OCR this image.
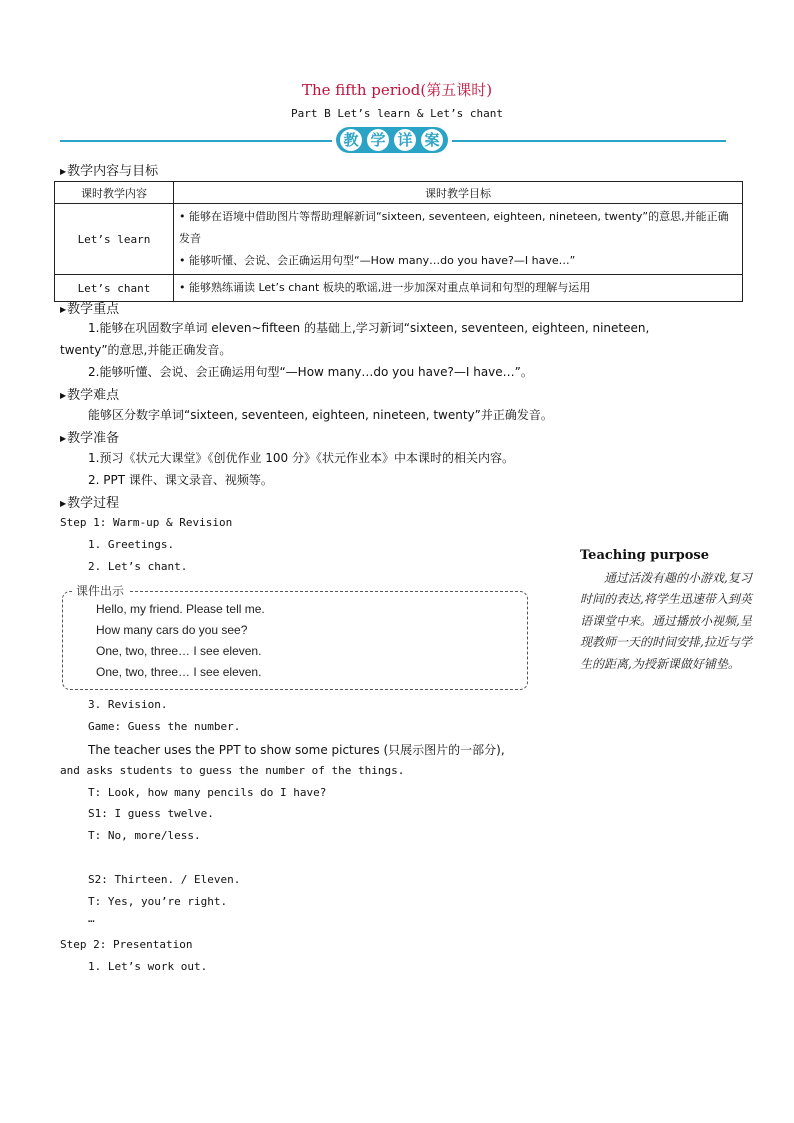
The fifth period(第五课时)
Part B Let’s learn & Let’s chant
教 学 详 案
▶教学内容与目标
课时教学内容	课时教学目标
Let’s learn	• 能够在语境中借助图片等帮助理解新词“sixteen, seventeen, eighteen, nineteen, twenty”的意思,并能正确发音
• 能够听懂、会说、会正确运用句型“—How many…do you have?—I have…”

Let’s chant	• 能够熟练诵读 Let’s chant 板块的歌谣,进一步加深对重点单词和句型的理解与运用
▶教学重点
1.能够在巩固数字单词 eleven~fifteen 的基础上,学习新词“sixteen, seventeen, eighteen, nineteen,
twenty”的意思,并能正确发音。
2.能够听懂、会说、会正确运用句型“—How many…do you have?—I have…”。
▶教学难点
能够区分数字单词“sixteen, seventeen, eighteen, nineteen, twenty”并正确发音。
▶教学准备
1.预习《状元大课堂》《创优作业 100 分》《状元作业本》中本课时的相关内容。
2. PPT 课件、课文录音、视频等。
▶教学过程
Step 1: Warm-up & Revision
1. Greetings.
2. Let’s chant.
课件出示
Hello, my friend. Please tell me.
How many cars do you see?
One, two, three… I see eleven.
One, two, three… I see eleven.
3. Revision.
Game: Guess the number.
The teacher uses the PPT to show some pictures (只展示图片的一部分),
and asks students to guess the number of the things.
T: Look, how many pencils do I have?
S1: I guess twelve.
T: No, more/less.
S2: Thirteen. / Eleven.
T: Yes, you’re right.
…
Step 2: Presentation
1. Let’s work out.
Teaching purpose
通过活泼有趣的小游戏,复习时间的表达,将学生迅速带入到英语课堂中来。通过播放小视频,呈现教师一天的时间安排,拉近与学生的距离,为授新课做好铺垫。
